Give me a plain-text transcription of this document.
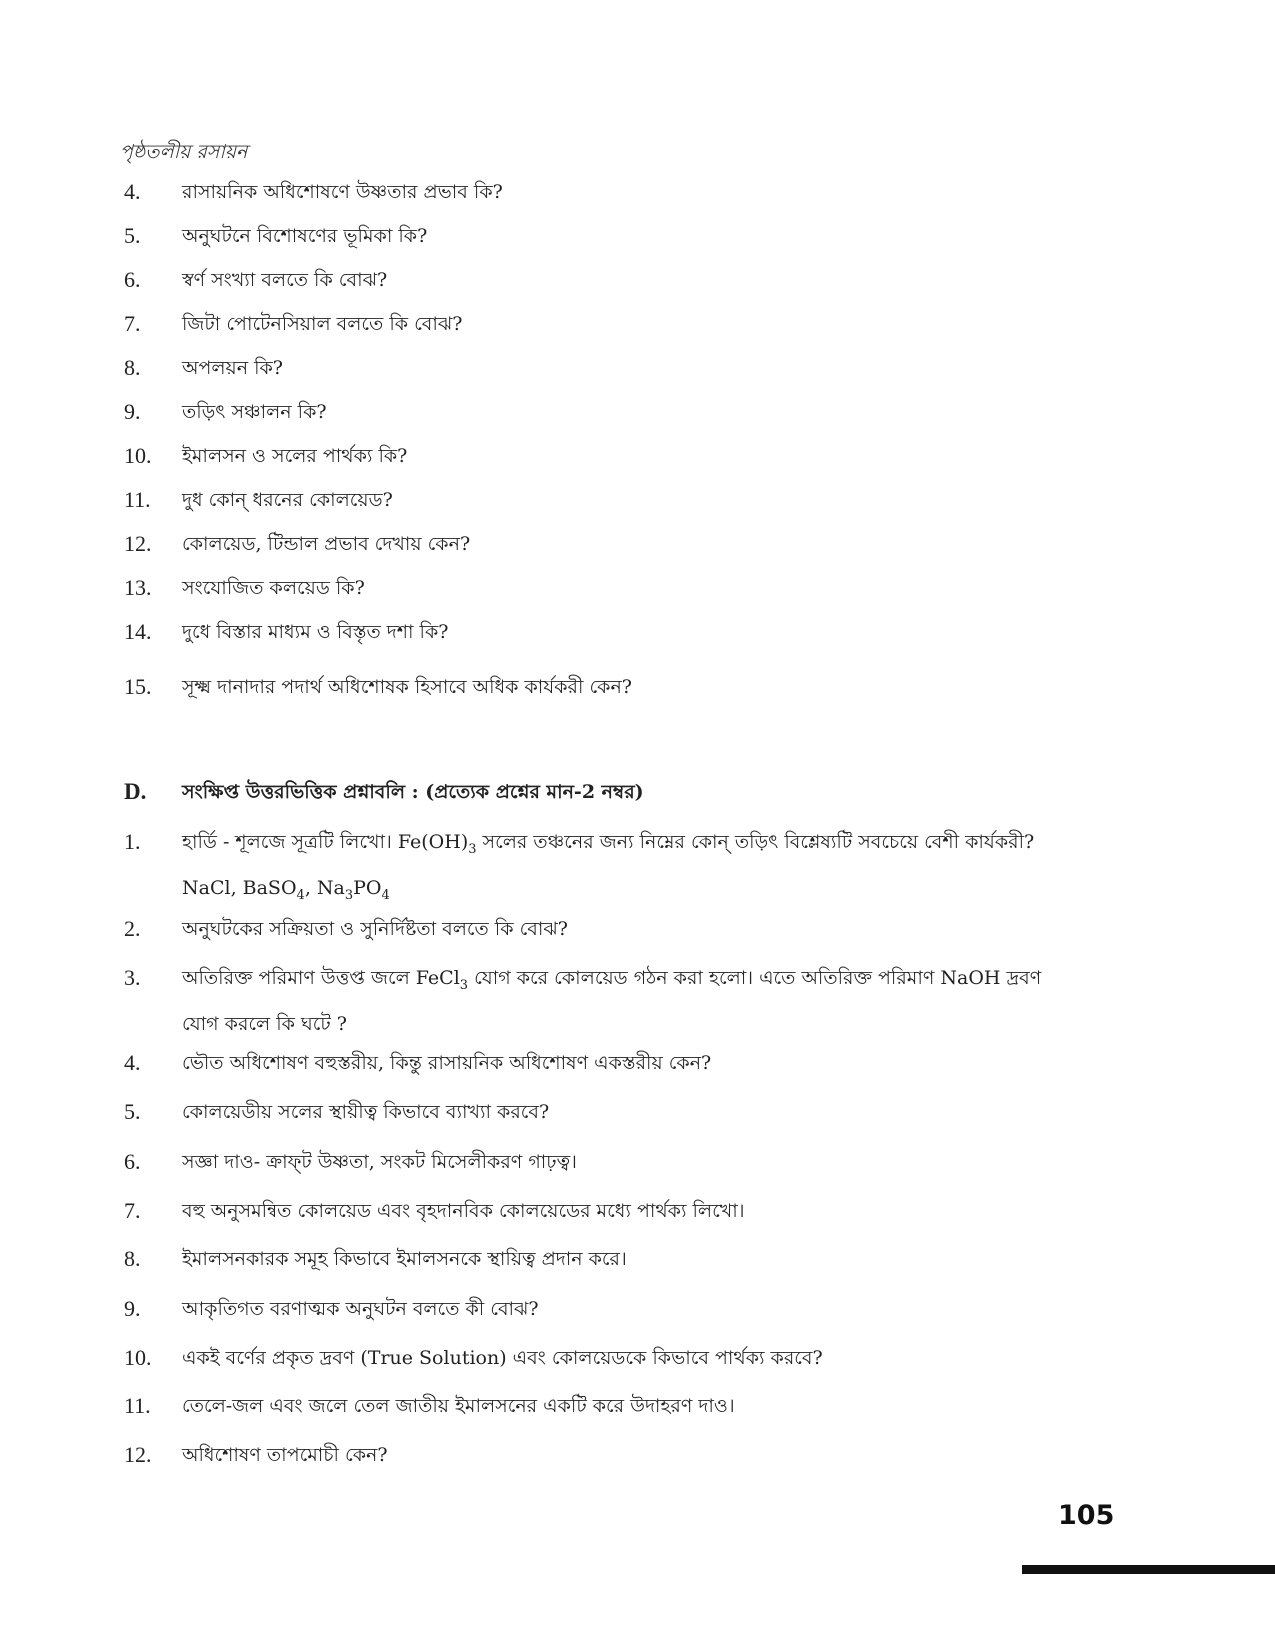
পৃষ্ঠতলীয় রসায়ন
4. রাসায়নিক অধিশোষণে উষ্ণতার প্রভাব কি?
5. অনুঘটনে বিশোষণের ভূমিকা কি?
6. স্বর্ণ সংখ্যা বলতে কি বোঝ?
7. জিটা পোটেনসিয়াল বলতে কি বোঝ?
8. অপলয়ন কি?
9. তড়িৎ সঞ্চালন কি?
10. ইমালসন ও সলের পার্থক্য কি?
11. দুধ কোন্ ধরনের কোলয়েড?
12. কোলয়েড, টিন্ডাল প্রভাব দেখায় কেন?
13. সংযোজিত কলয়েড কি?
14. দুধে বিস্তার মাধ্যম ও বিস্তৃত দশা কি?
15. সূক্ষ্ম দানাদার পদার্থ অধিশোষক হিসাবে অধিক কার্যকরী কেন?
D. সংক্ষিপ্ত উত্তরভিত্তিক প্রশ্নাবলি : (প্রত্যেক প্রশ্নের মান-2 নম্বর)
1. হার্ডি - শূলজে সূত্রটি লিখো। $Fe(OH)_3$ সলের তঞ্চনের জন্য নিম্নের কোন্ তড়িৎ বিশ্লেষ্যটি সবচেয়ে বেশী কার্যকরী?
NaCl, BaSO$_4$, $Na_3PO_4$
2. অনুঘটকের সক্রিয়তা ও সুনির্দিষ্টতা বলতে কি বোঝ?
3. অতিরিক্ত পরিমাণ উত্তপ্ত জলে FeCl$_3$ যোগ করে কোলয়েড গঠন করা হলো। এতে অতিরিক্ত পরিমাণ NaOH দ্রবণ
যোগ করলে কি ঘটে ?
4. ভৌত অধিশোষণ বহুস্তরীয়, কিন্তু রাসায়নিক অধিশোষণ একস্তরীয় কেন?
5. কোলয়েডীয় সলের স্থায়ীত্ব কিভাবে ব্যাখ্যা করবে?
6. সজ্ঞা দাও- ক্রাফ্‌ট উষ্ণতা, সংকট মিসেলীকরণ গাঢ়ত্ব।
7. বহু অনুসমন্বিত কোলয়েড এবং বৃহদানবিক কোলয়েডের মধ্যে পার্থক্য লিখো।
8. ইমালসনকারক সমূহ কিভাবে ইমালসনকে স্থায়িত্ব প্রদান করে।
9. আকৃতিগত বরণাত্মক অনুঘটন বলতে কী বোঝ?
10. একই বর্ণের প্রকৃত দ্রবণ (True Solution) এবং কোলয়েডকে কিভাবে পার্থক্য করবে?
11. তেলে-জল এবং জলে তেল জাতীয় ইমালসনের একটি করে উদাহরণ দাও।
12. অধিশোষণ তাপমোচী কেন?
105
